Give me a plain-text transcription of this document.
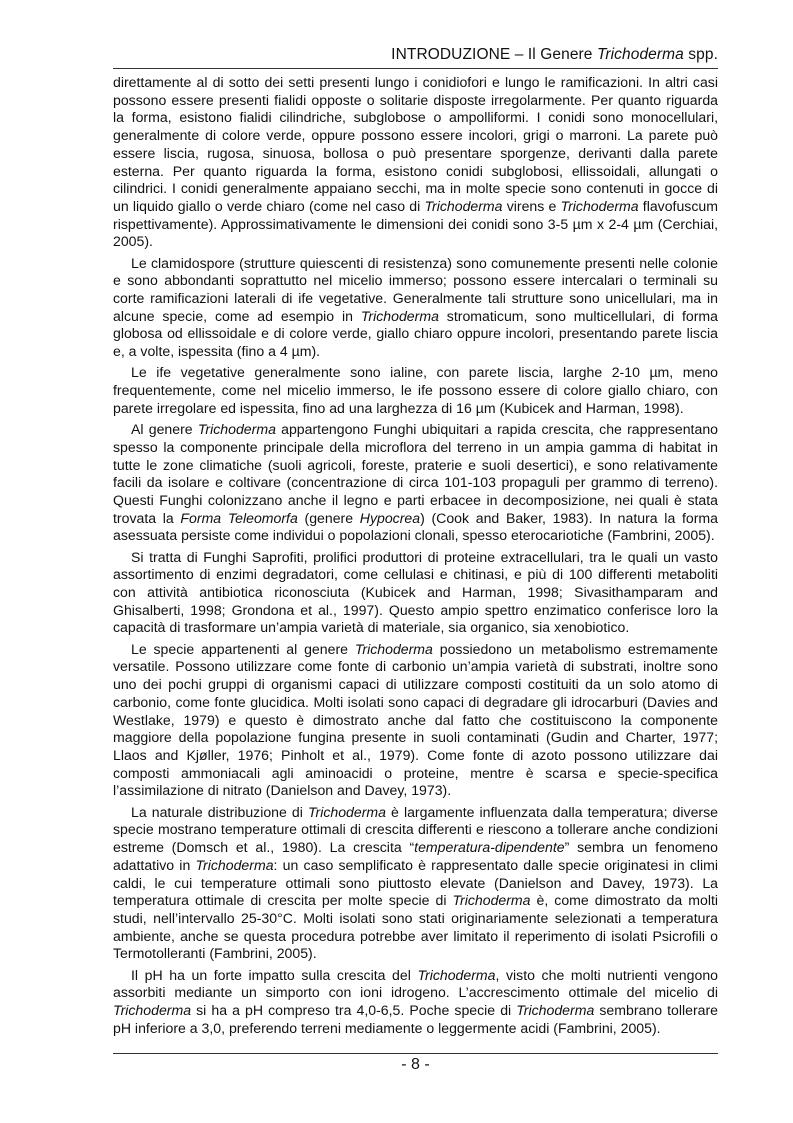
INTRODUZIONE – Il Genere Trichoderma spp.

direttamente al di sotto dei setti presenti lungo i conidiofori e lungo le ramificazioni. In altri casi possono essere presenti fialidi opposte o solitarie disposte irregolarmente. Per quanto riguarda la forma, esistono fialidi cilindriche, subglobose o ampolliformi. I conidi sono monocellulari, generalmente di colore verde, oppure possono essere incolori, grigi o marroni. La parete può essere liscia, rugosa, sinuosa, bollosa o può presentare sporgenze, derivanti dalla parete esterna. Per quanto riguarda la forma, esistono conidi subglobosi, ellissoidali, allungati o cilindrici. I conidi generalmente appaiano secchi, ma in molte specie sono contenuti in gocce di un liquido giallo o verde chiaro (come nel caso di Trichoderma virens e Trichoderma flavofuscum rispettivamente). Approssimativamente le dimensioni dei conidi sono 3-5 µm x 2-4 µm (Cerchiai, 2005).

Le clamidospore (strutture quiescenti di resistenza) sono comunemente presenti nelle colonie e sono abbondanti soprattutto nel micelio immerso; possono essere intercalari o terminali su corte ramificazioni laterali di ife vegetative. Generalmente tali strutture sono unicellulari, ma in alcune specie, come ad esempio in Trichoderma stromaticum, sono multicellulari, di forma globosa od ellissoidale e di colore verde, giallo chiaro oppure incolori, presentando parete liscia e, a volte, ispessita (fino a 4 µm).

Le ife vegetative generalmente sono ialine, con parete liscia, larghe 2-10 µm, meno frequentemente, come nel micelio immerso, le ife possono essere di colore giallo chiaro, con parete irregolare ed ispessita, fino ad una larghezza di 16 µm (Kubicek and Harman, 1998).

Al genere Trichoderma appartengono Funghi ubiquitari a rapida crescita, che rappresentano spesso la componente principale della microflora del terreno in un ampia gamma di habitat in tutte le zone climatiche (suoli agricoli, foreste, praterie e suoli desertici), e sono relativamente facili da isolare e coltivare (concentrazione di circa 101-103 propaguli per grammo di terreno). Questi Funghi colonizzano anche il legno e parti erbacee in decomposizione, nei quali è stata trovata la Forma Teleomorfa (genere Hypocrea) (Cook and Baker, 1983). In natura la forma asessuata persiste come individui o popolazioni clonali, spesso eterocariotiche (Fambrini, 2005).

Si tratta di Funghi Saprofiti, prolifici produttori di proteine extracellulari, tra le quali un vasto assortimento di enzimi degradatori, come cellulasi e chitinasi, e più di 100 differenti metaboliti con attività antibiotica riconosciuta (Kubicek and Harman, 1998; Sivasithamparam and Ghisalberti, 1998; Grondona et al., 1997). Questo ampio spettro enzimatico conferisce loro la capacità di trasformare un’ampia varietà di materiale, sia organico, sia xenobiotico.

Le specie appartenenti al genere Trichoderma possiedono un metabolismo estremamente versatile. Possono utilizzare come fonte di carbonio un’ampia varietà di substrati, inoltre sono uno dei pochi gruppi di organismi capaci di utilizzare composti costituiti da un solo atomo di carbonio, come fonte glucidica. Molti isolati sono capaci di degradare gli idrocarburi (Davies and Westlake, 1979) e questo è dimostrato anche dal fatto che costituiscono la componente maggiore della popolazione fungina presente in suoli contaminati (Gudin and Charter, 1977; Llaos and Kjøller, 1976; Pinholt et al., 1979). Come fonte di azoto possono utilizzare dai composti ammoniacali agli aminoacidi o proteine, mentre è scarsa e specie-specifica l’assimilazione di nitrato (Danielson and Davey, 1973).

La naturale distribuzione di Trichoderma è largamente influenzata dalla temperatura; diverse specie mostrano temperature ottimali di crescita differenti e riescono a tollerare anche condizioni estreme (Domsch et al., 1980). La crescita “temperatura-dipendente” sembra un fenomeno adattativo in Trichoderma: un caso semplificato è rappresentato dalle specie originatesi in climi caldi, le cui temperature ottimali sono piuttosto elevate (Danielson and Davey, 1973). La temperatura ottimale di crescita per molte specie di Trichoderma è, come dimostrato da molti studi, nell’intervallo 25-30°C. Molti isolati sono stati originariamente selezionati a temperatura ambiente, anche se questa procedura potrebbe aver limitato il reperimento di isolati Psicrofili o Termotolleranti (Fambrini, 2005).

Il pH ha un forte impatto sulla crescita del Trichoderma, visto che molti nutrienti vengono assorbiti mediante un simporto con ioni idrogeno. L’accrescimento ottimale del micelio di Trichoderma si ha a pH compreso tra 4,0-6,5. Poche specie di Trichoderma sembrano tollerare pH inferiore a 3,0, preferendo terreni mediamente o leggermente acidi (Fambrini, 2005).

- 8 -
